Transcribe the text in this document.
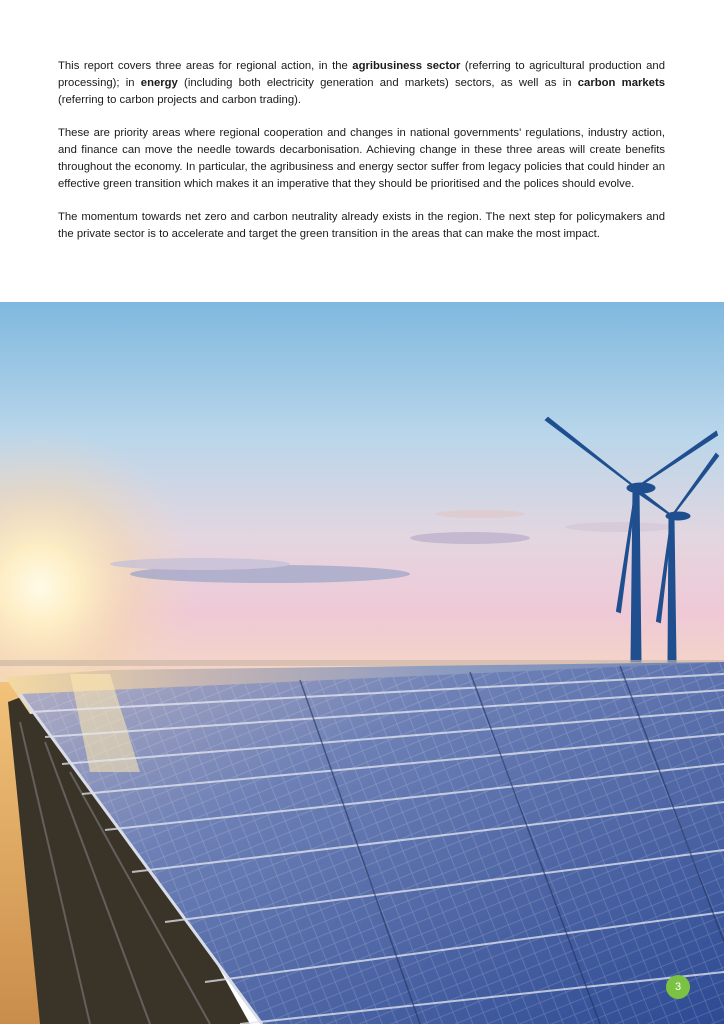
This report covers three areas for regional action, in the agribusiness sector (referring to agricultural production and processing); in energy (including both electricity generation and markets) sectors, as well as in carbon markets (referring to carbon projects and carbon trading).

These are priority areas where regional cooperation and changes in national governments' regulations, industry action, and finance can move the needle towards decarbonisation. Achieving change in these three areas will create benefits throughout the economy. In particular, the agribusiness and energy sector suffer from legacy policies that could hinder an effective green transition which makes it an imperative that they should be prioritised and the polices should evolve.

The momentum towards net zero and carbon neutrality already exists in the region. The next step for policymakers and the private sector is to accelerate and target the green transition in the areas that can make the most impact.

3
